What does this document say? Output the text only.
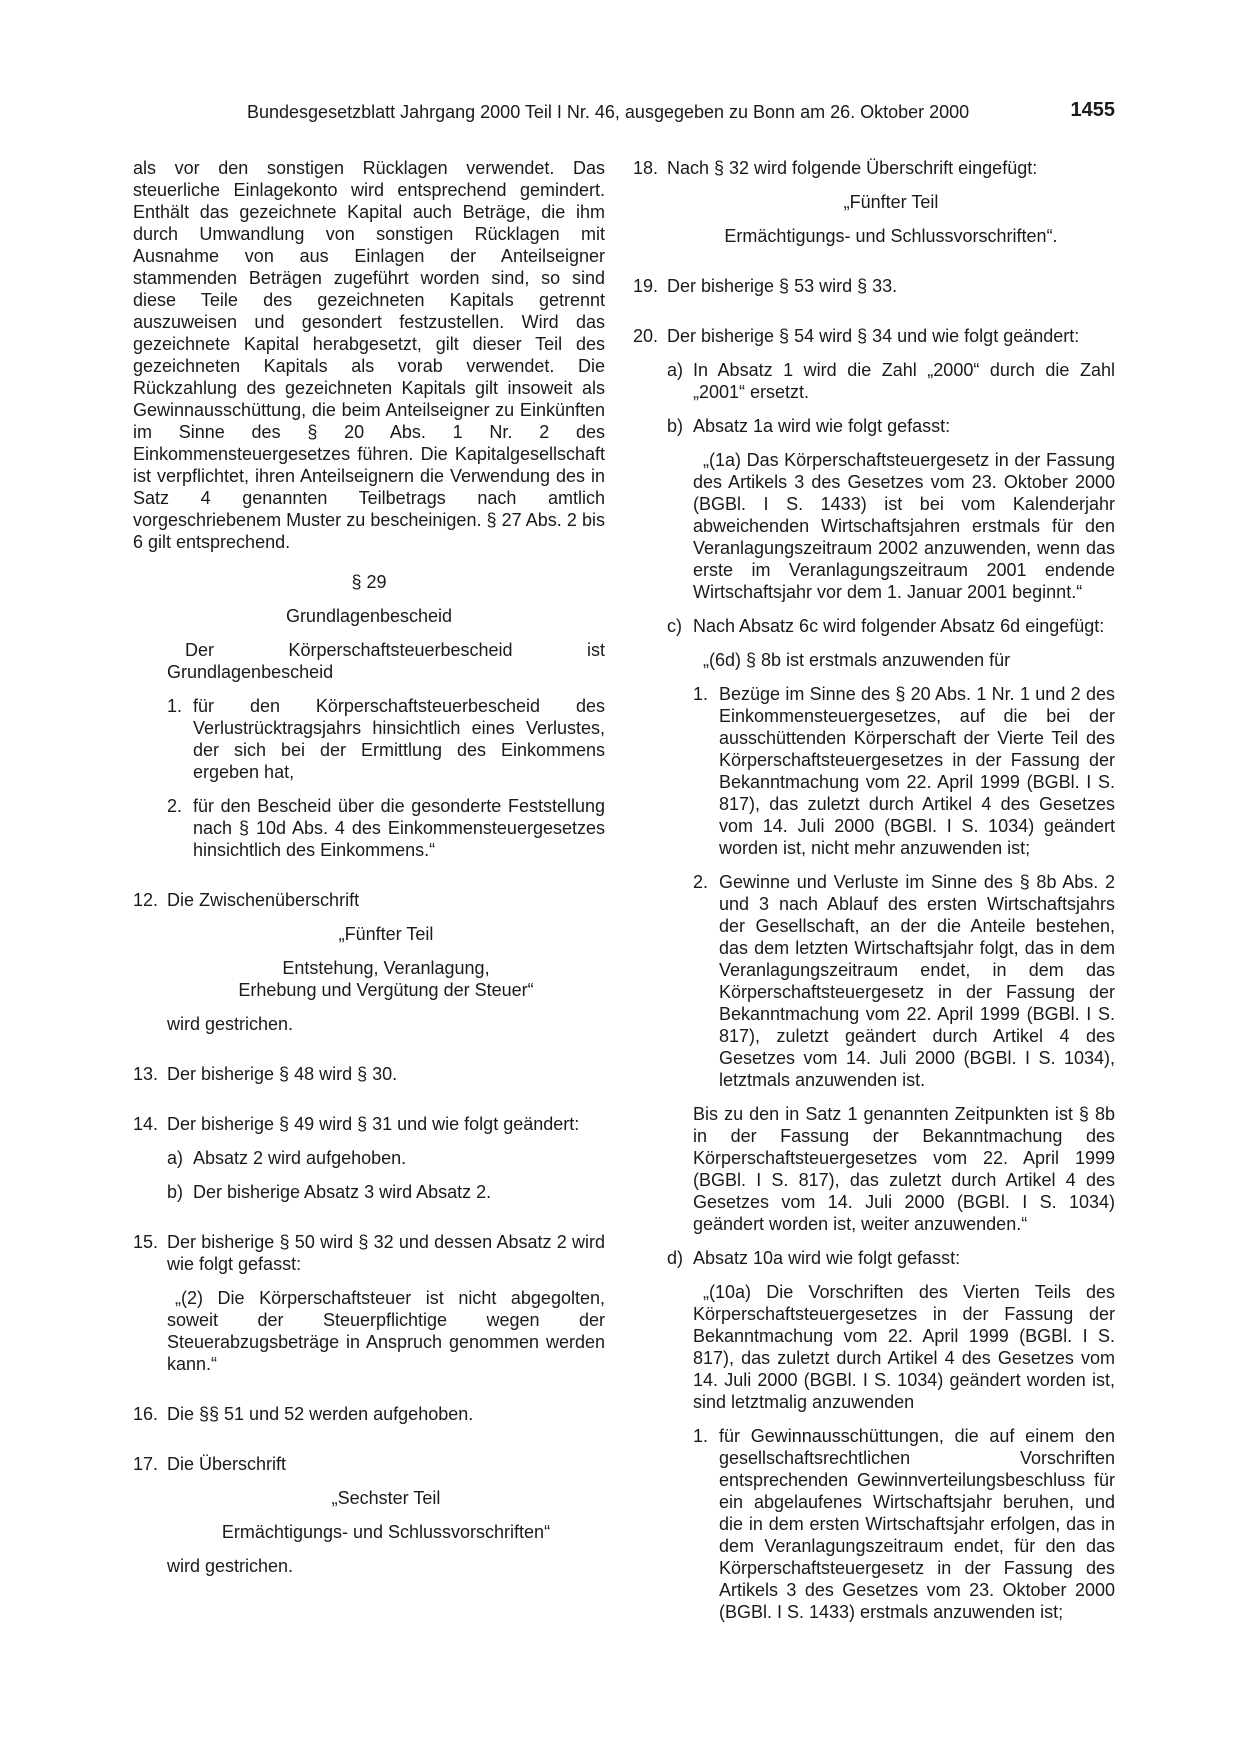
Bundesgesetzblatt Jahrgang 2000 Teil I Nr. 46, ausgegeben zu Bonn am 26. Oktober 2000	1455

als vor den sonstigen Rücklagen verwendet. Das steuerliche Einlagekonto wird entsprechend gemindert. Enthält das gezeichnete Kapital auch Beträge, die ihm durch Umwandlung von sonstigen Rücklagen mit Ausnahme von aus Einlagen der Anteilseigner stammenden Beträgen zugeführt worden sind, so sind diese Teile des gezeichneten Kapitals getrennt auszuweisen und gesondert festzustellen. Wird das gezeichnete Kapital herabgesetzt, gilt dieser Teil des gezeichneten Kapitals als vorab verwendet. Die Rückzahlung des gezeichneten Kapitals gilt insoweit als Gewinnausschüttung, die beim Anteilseigner zu Einkünften im Sinne des § 20 Abs. 1 Nr. 2 des Einkommensteuergesetzes führen. Die Kapitalgesellschaft ist verpflichtet, ihren Anteilseignern die Verwendung des in Satz 4 genannten Teilbetrags nach amtlich vorgeschriebenem Muster zu bescheinigen. § 27 Abs. 2 bis 6 gilt entsprechend.

§ 29

Grundlagenbescheid

Der Körperschaftsteuerbescheid ist Grundlagenbescheid

1. für den Körperschaftsteuerbescheid des Verlustrücktragsjahrs hinsichtlich eines Verlustes, der sich bei der Ermittlung des Einkommens ergeben hat,

2. für den Bescheid über die gesonderte Feststellung nach § 10d Abs. 4 des Einkommensteuergesetzes hinsichtlich des Einkommens.“

12. Die Zwischenüberschrift

„Fünfter Teil

Entstehung, Veranlagung,

Erhebung und Vergütung der Steuer“

wird gestrichen.

13. Der bisherige § 48 wird § 30.

14. Der bisherige § 49 wird § 31 und wie folgt geändert:

a) Absatz 2 wird aufgehoben.

b) Der bisherige Absatz 3 wird Absatz 2.

15. Der bisherige § 50 wird § 32 und dessen Absatz 2 wird wie folgt gefasst:

„(2) Die Körperschaftsteuer ist nicht abgegolten, soweit der Steuerpflichtige wegen der Steuerabzugsbeträge in Anspruch genommen werden kann.“

16. Die §§ 51 und 52 werden aufgehoben.

17. Die Überschrift

„Sechster Teil

Ermächtigungs- und Schlussvorschriften“

wird gestrichen.

18. Nach § 32 wird folgende Überschrift eingefügt:

„Fünfter Teil

Ermächtigungs- und Schlussvorschriften“.

19. Der bisherige § 53 wird § 33.

20. Der bisherige § 54 wird § 34 und wie folgt geändert:

a) In Absatz 1 wird die Zahl „2000“ durch die Zahl „2001“ ersetzt.

b) Absatz 1a wird wie folgt gefasst:

„(1a) Das Körperschaftsteuergesetz in der Fassung des Artikels 3 des Gesetzes vom 23. Oktober 2000 (BGBl. I S. 1433) ist bei vom Kalenderjahr abweichenden Wirtschaftsjahren erstmals für den Veranlagungszeitraum 2002 anzuwenden, wenn das erste im Veranlagungszeitraum 2001 endende Wirtschaftsjahr vor dem 1. Januar 2001 beginnt.“

c) Nach Absatz 6c wird folgender Absatz 6d eingefügt:

„(6d) § 8b ist erstmals anzuwenden für

1. Bezüge im Sinne des § 20 Abs. 1 Nr. 1 und 2 des Einkommensteuergesetzes, auf die bei der ausschüttenden Körperschaft der Vierte Teil des Körperschaftsteuergesetzes in der Fassung der Bekanntmachung vom 22. April 1999 (BGBl. I S. 817), das zuletzt durch Artikel 4 des Gesetzes vom 14. Juli 2000 (BGBl. I S. 1034) geändert worden ist, nicht mehr anzuwenden ist;

2. Gewinne und Verluste im Sinne des § 8b Abs. 2 und 3 nach Ablauf des ersten Wirtschaftsjahrs der Gesellschaft, an der die Anteile bestehen, das dem letzten Wirtschaftsjahr folgt, das in dem Veranlagungszeitraum endet, in dem das Körperschaftsteuergesetz in der Fassung der Bekanntmachung vom 22. April 1999 (BGBl. I S. 817), zuletzt geändert durch Artikel 4 des Gesetzes vom 14. Juli 2000 (BGBl. I S. 1034), letztmals anzuwenden ist.

Bis zu den in Satz 1 genannten Zeitpunkten ist § 8b in der Fassung der Bekanntmachung des Körperschaftsteuergesetzes vom 22. April 1999 (BGBl. I S. 817), das zuletzt durch Artikel 4 des Gesetzes vom 14. Juli 2000 (BGBl. I S. 1034) geändert worden ist, weiter anzuwenden.“

d) Absatz 10a wird wie folgt gefasst:

„(10a) Die Vorschriften des Vierten Teils des Körperschaftsteuergesetzes in der Fassung der Bekanntmachung vom 22. April 1999 (BGBl. I S. 817), das zuletzt durch Artikel 4 des Gesetzes vom 14. Juli 2000 (BGBl. I S. 1034) geändert worden ist, sind letztmalig anzuwenden

1. für Gewinnausschüttungen, die auf einem den gesellschaftsrechtlichen Vorschriften entsprechenden Gewinnverteilungsbeschluss für ein abgelaufenes Wirtschaftsjahr beruhen, und die in dem ersten Wirtschaftsjahr erfolgen, das in dem Veranlagungszeitraum endet, für den das Körperschaftsteuergesetz in der Fassung des Artikels 3 des Gesetzes vom 23. Oktober 2000 (BGBl. I S. 1433) erstmals anzuwenden ist;
